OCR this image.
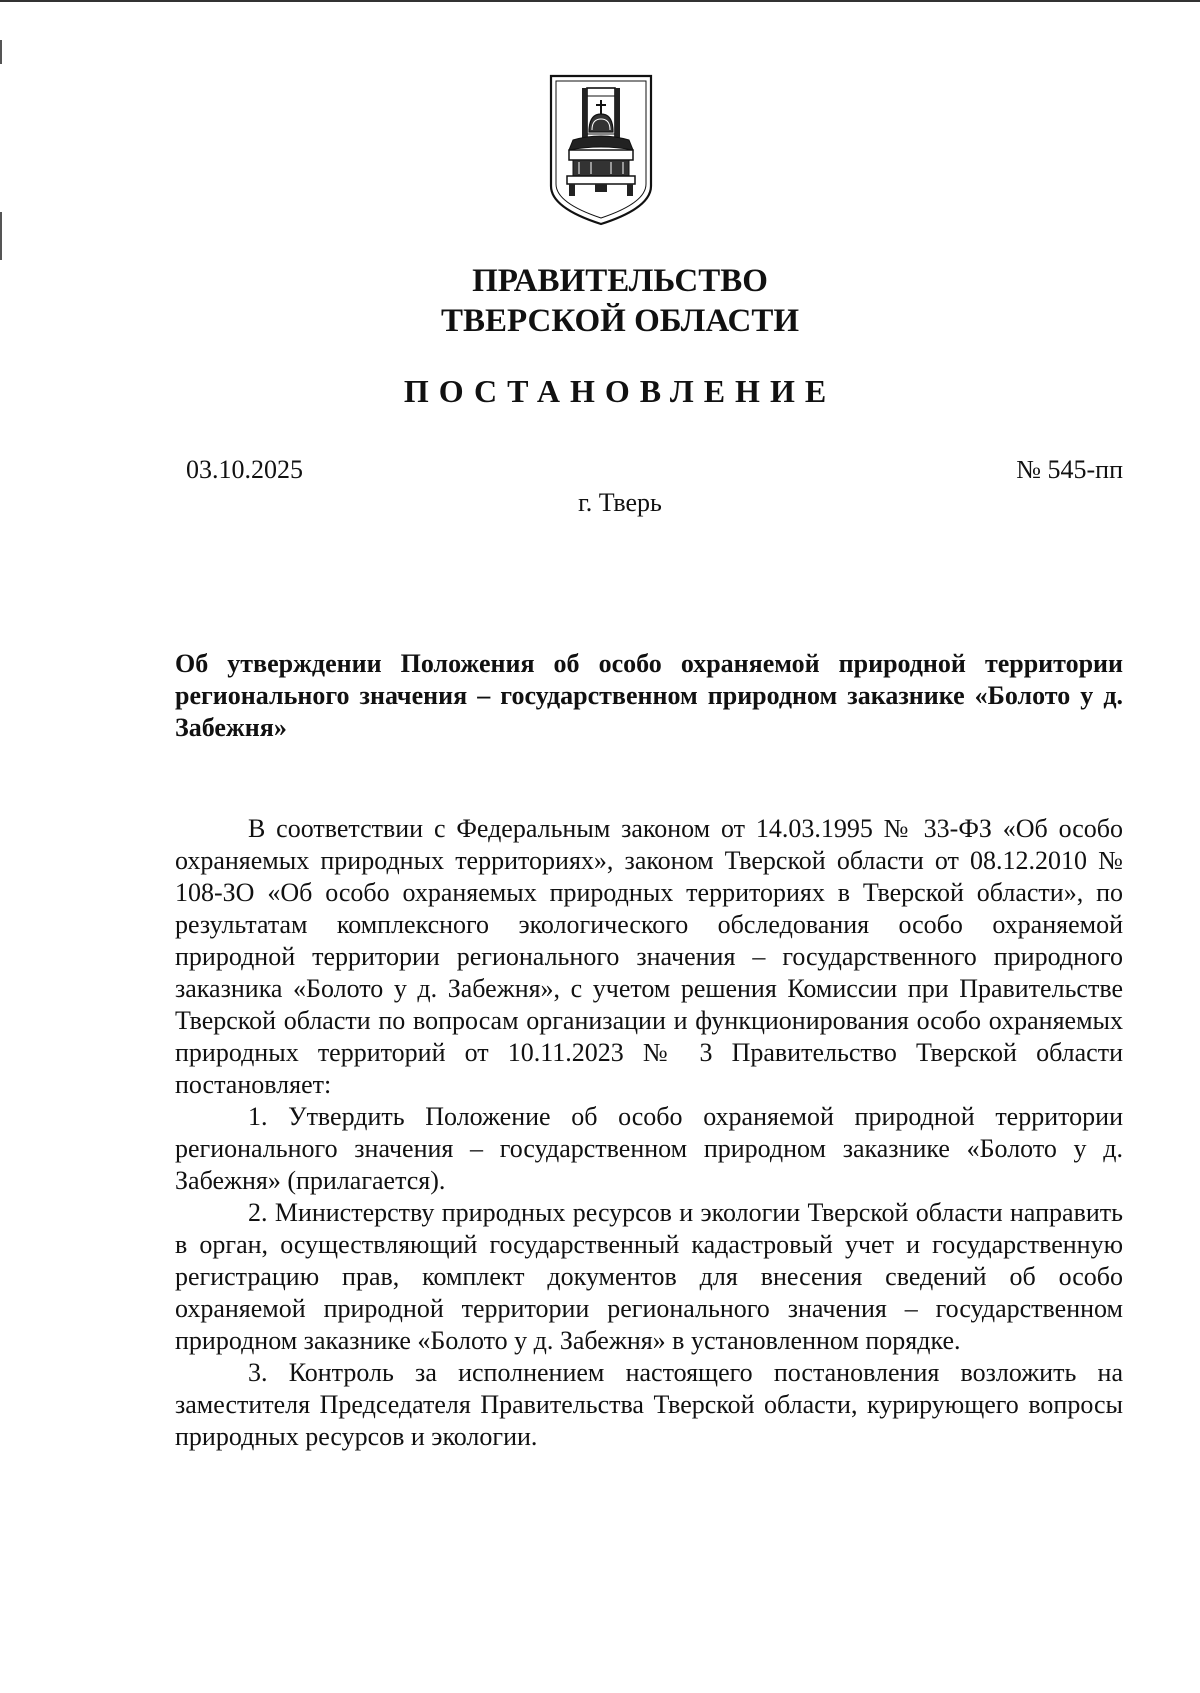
ПРАВИТЕЛЬСТВО
ТВЕРСКОЙ ОБЛАСТИ
ПОСТАНОВЛЕНИЕ
03.10.2025	№ 545-пп
г. Тверь

Об утверждении Положения об особо охраняемой природной территории регионального значения – государственном природном заказнике «Болото у д. Забежня»

В соответствии с Федеральным законом от 14.03.1995 № 33-ФЗ «Об особо охраняемых природных территориях», законом Тверской области от 08.12.2010 № 108-ЗО «Об особо охраняемых природных территориях в Тверской области», по результатам комплексного экологического обследования особо охраняемой природной территории регионального значения – государственного природного заказника «Болото у д. Забежня», с учетом решения Комиссии при Правительстве Тверской области по вопросам организации и функционирования особо охраняемых природных территорий от 10.11.2023 № 3 Правительство Тверской области постановляет:

1. Утвердить Положение об особо охраняемой природной территории регионального значения – государственном природном заказнике «Болото у д. Забежня» (прилагается).

2. Министерству природных ресурсов и экологии Тверской области направить в орган, осуществляющий государственный кадастровый учет и государственную регистрацию прав, комплект документов для внесения сведений об особо охраняемой природной территории регионального значения – государственном природном заказнике «Болото у д. Забежня» в установленном порядке.

3. Контроль за исполнением настоящего постановления возложить на заместителя Председателя Правительства Тверской области, курирующего вопросы природных ресурсов и экологии.
